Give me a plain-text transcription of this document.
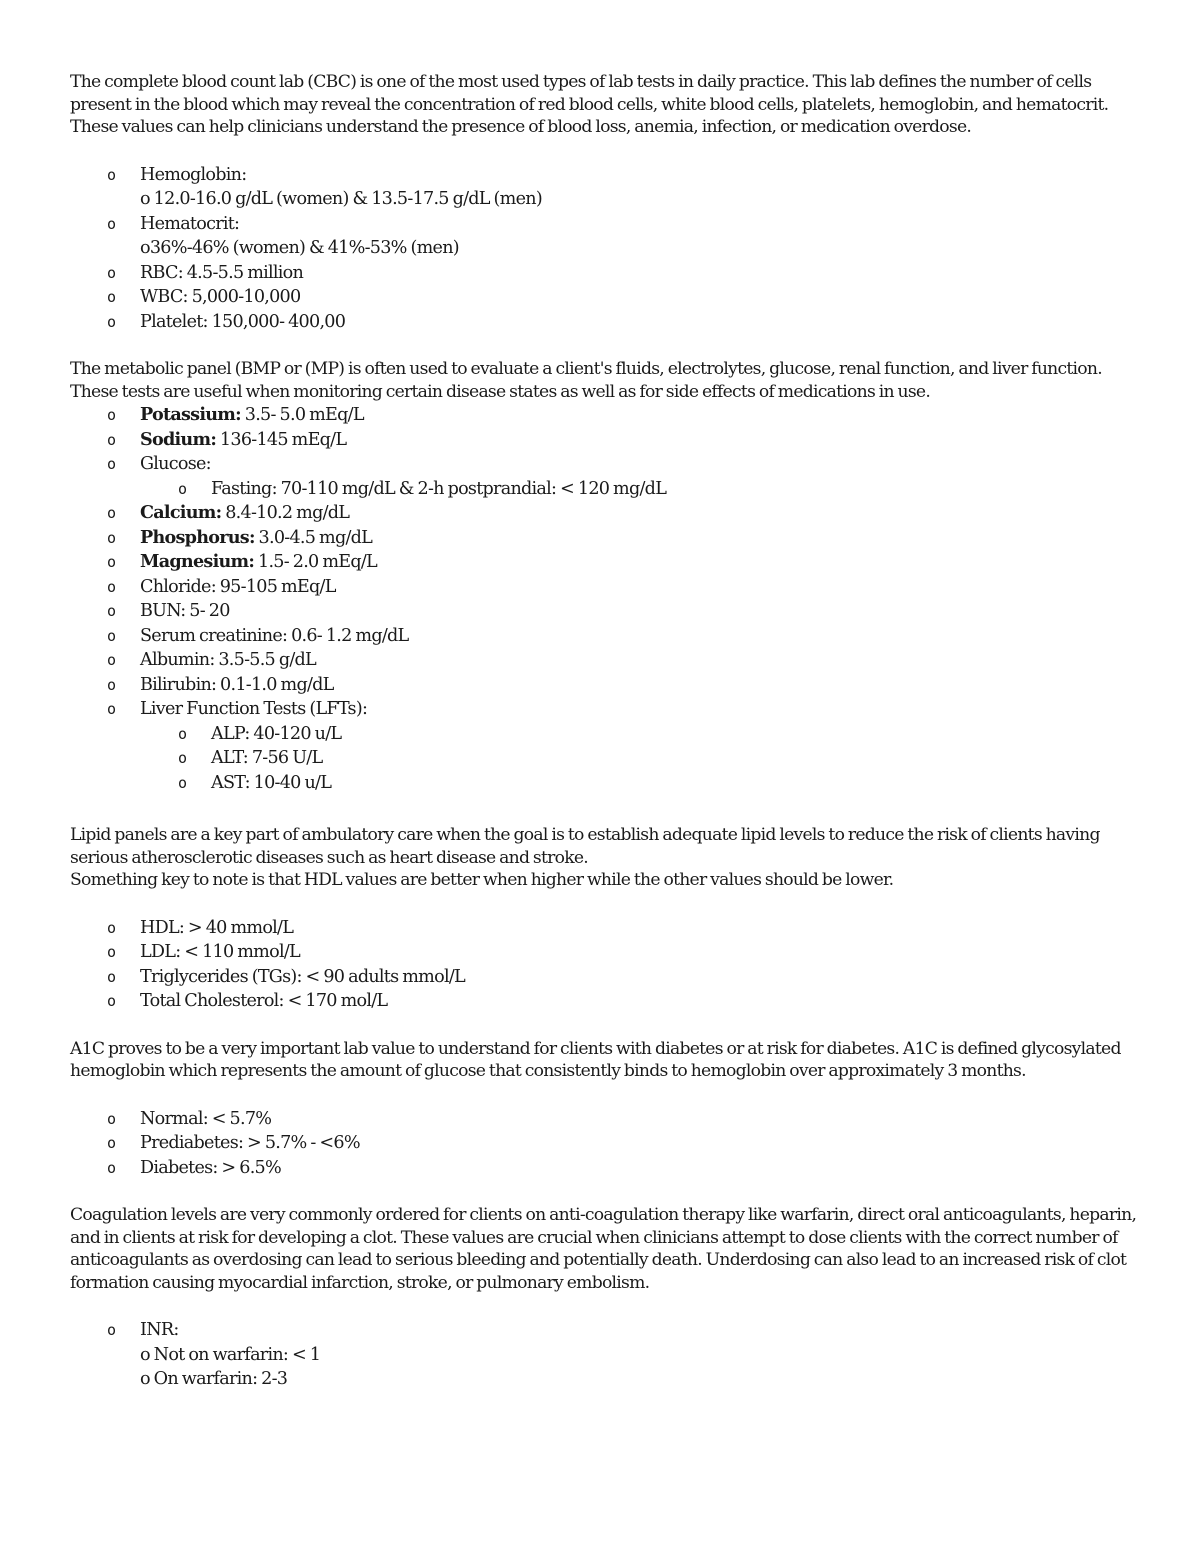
The complete blood count lab (CBC) is one of the most used types of lab tests in daily practice. This lab defines the number of cells present in the blood which may reveal the concentration of red blood cells, white blood cells, platelets, hemoglobin, and hematocrit. These values can help clinicians understand the presence of blood loss, anemia, infection, or medication overdose.

o Hemoglobin:
o 12.0-16.0 g/dL (women) & 13.5-17.5 g/dL (men)
o Hematocrit:
o36%-46% (women) & 41%-53% (men)
o RBC: 4.5-5.5 million
o WBC: 5,000-10,000
o Platelet: 150,000- 400,00

The metabolic panel (BMP or (MP) is often used to evaluate a client's fluids, electrolytes, glucose, renal function, and liver function. These tests are useful when monitoring certain disease states as well as for side effects of medications in use.

o Potassium: 3.5- 5.0 mEq/L
o Sodium: 136-145 mEq/L
o Glucose:
o Fasting: 70-110 mg/dL & 2-h postprandial: < 120 mg/dL
o Calcium: 8.4-10.2 mg/dL
o Phosphorus: 3.0-4.5 mg/dL
o Magnesium: 1.5- 2.0 mEq/L
o Chloride: 95-105 mEq/L
o BUN: 5- 20
o Serum creatinine: 0.6- 1.2 mg/dL
o Albumin: 3.5-5.5 g/dL
o Bilirubin: 0.1-1.0 mg/dL
o Liver Function Tests (LFTs):
o ALP: 40-120 u/L
o ALT: 7-56 U/L
o AST: 10-40 u/L

Lipid panels are a key part of ambulatory care when the goal is to establish adequate lipid levels to reduce the risk of clients having serious atherosclerotic diseases such as heart disease and stroke.

Something key to note is that HDL values are better when higher while the other values should be lower.

o HDL: > 40 mmol/L
o LDL: < 110 mmol/L
o Triglycerides (TGs): < 90 adults mmol/L
o Total Cholesterol: < 170 mol/L

A1C proves to be a very important lab value to understand for clients with diabetes or at risk for diabetes. A1C is defined glycosylated hemoglobin which represents the amount of glucose that consistently binds to hemoglobin over approximately 3 months.

o Normal: < 5.7%
o Prediabetes: > 5.7% - <6%
o Diabetes: > 6.5%

Coagulation levels are very commonly ordered for clients on anti-coagulation therapy like warfarin, direct oral anticoagulants, heparin, and in clients at risk for developing a clot. These values are crucial when clinicians attempt to dose clients with the correct number of anticoagulants as overdosing can lead to serious bleeding and potentially death. Underdosing can also lead to an increased risk of clot formation causing myocardial infarction, stroke, or pulmonary embolism.

o INR:
o Not on warfarin: < 1
o On warfarin: 2-3
